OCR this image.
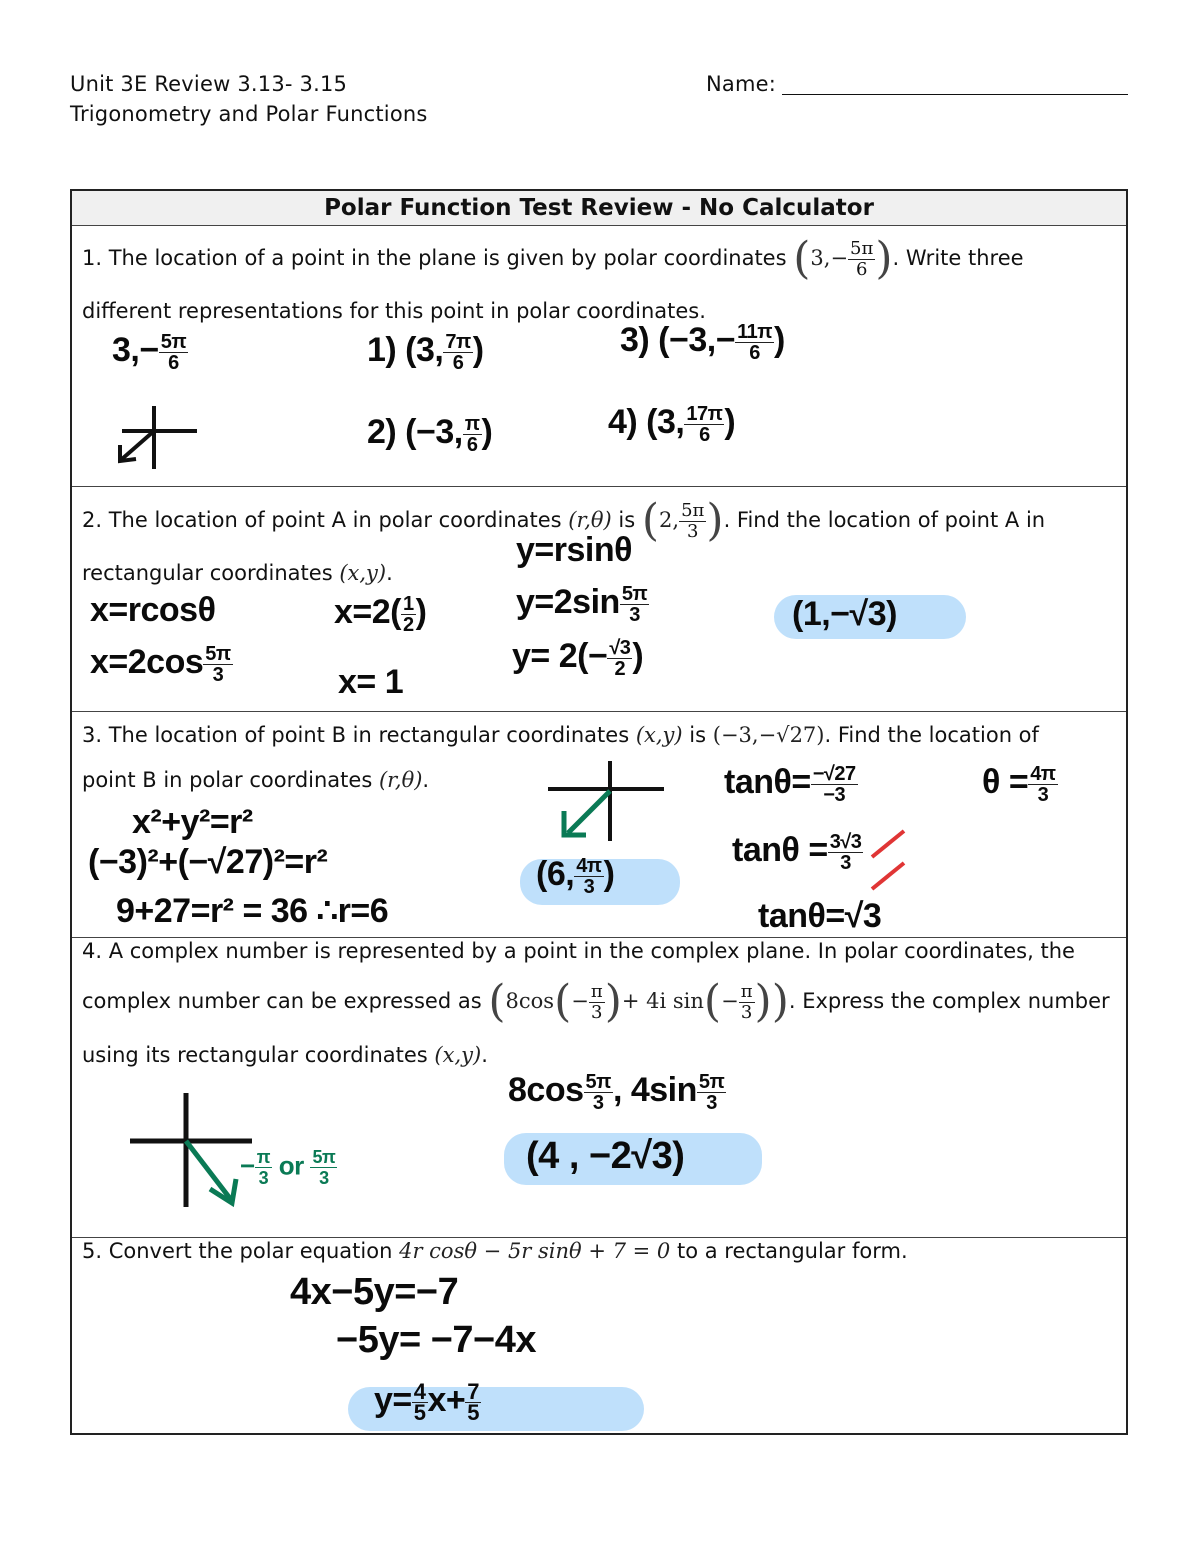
Unit 3E Review 3.13- 3.15
Trigonometry and Polar Functions
Name:
Polar Function Test Review - No Calculator
1. The location of a point in the plane is given by polar coordinates ($3,- \frac{5\pi}{6}$ ). Write three
different representations for this point in polar coordinates.
$3,- \frac{5\pi}{6}$	1) (3, $\frac{7\pi}{6}$ )	3) ($-3,- \frac{11\pi}{6}$ )
2) (−3, $\frac{\pi}{6}$ )	4) (3, $\frac{17\pi}{6}$ )
2. The location of point A in polar coordinates (r,θ) is (2, $\frac{5\pi}{3}$ ). Find the location of point A in
rectangular coordinates (x,y).
x=rcosθ
$x=2\cos \frac{5\pi}{3}$
$x=2( \frac{1}{2}$ )
x= 1
y=rsinθ
$y=2\sin \frac{5\pi}{3}$
$y= 2(- \frac{√3}{2}$ )
(1,−√3)
3. The location of point B in rectangular coordinates (x,y) is (−3,−√27). Find the location of
point B in polar coordinates (r,θ).
x²+y²=r²
(−3)²+(−√27)²=r²
9+27=r² = 36 ∴r=6
(6, $\frac{4\pi}{3}$ )
$\tan\theta= \frac{-√27}{-3}$	$\theta = \frac{4\pi}{3}$
$\tan\theta = \frac{3√3}{3}$
tanθ=√3
4. A complex number is represented by a point in the complex plane. In polar coordinates, the
complex number can be expressed as ($8\cos(- \frac{\pi}{3}$ )+ 4i $\sin(- \frac{\pi}{3}$ )). Express the complex number
using its rectangular coordinates (x,y).
− $\frac{\pi}{3}$ or $\frac{5\pi}{3}$
$8\cos \frac{5\pi}{3}$ , $4\sin \frac{5\pi}{3}$
(4 , −2√3)
5. Convert the polar equation 4r cosθ − 5r sinθ + 7 = 0 to a rectangular form.
4x−5y=−7
−5y= −7−4x
$y= \frac{4}{5} x+ \frac{7}{5}$
